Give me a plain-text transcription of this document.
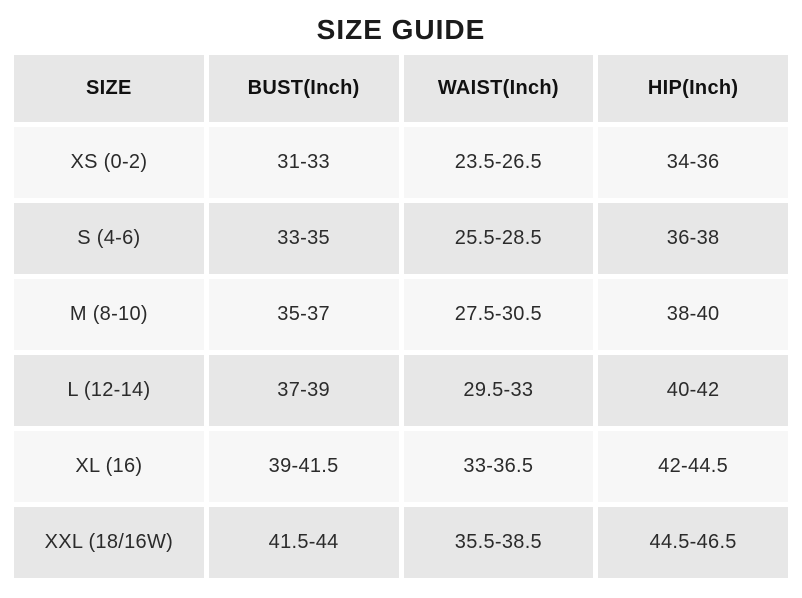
SIZE GUIDE
SIZE	BUST(Inch)	WAIST(Inch)	HIP(Inch)
XS (0-2)	31-33	23.5-26.5	34-36
S (4-6)	33-35	25.5-28.5	36-38
M (8-10)	35-37	27.5-30.5	38-40
L (12-14)	37-39	29.5-33	40-42
XL (16)	39-41.5	33-36.5	42-44.5
XXL (18/16W)	41.5-44	35.5-38.5	44.5-46.5
